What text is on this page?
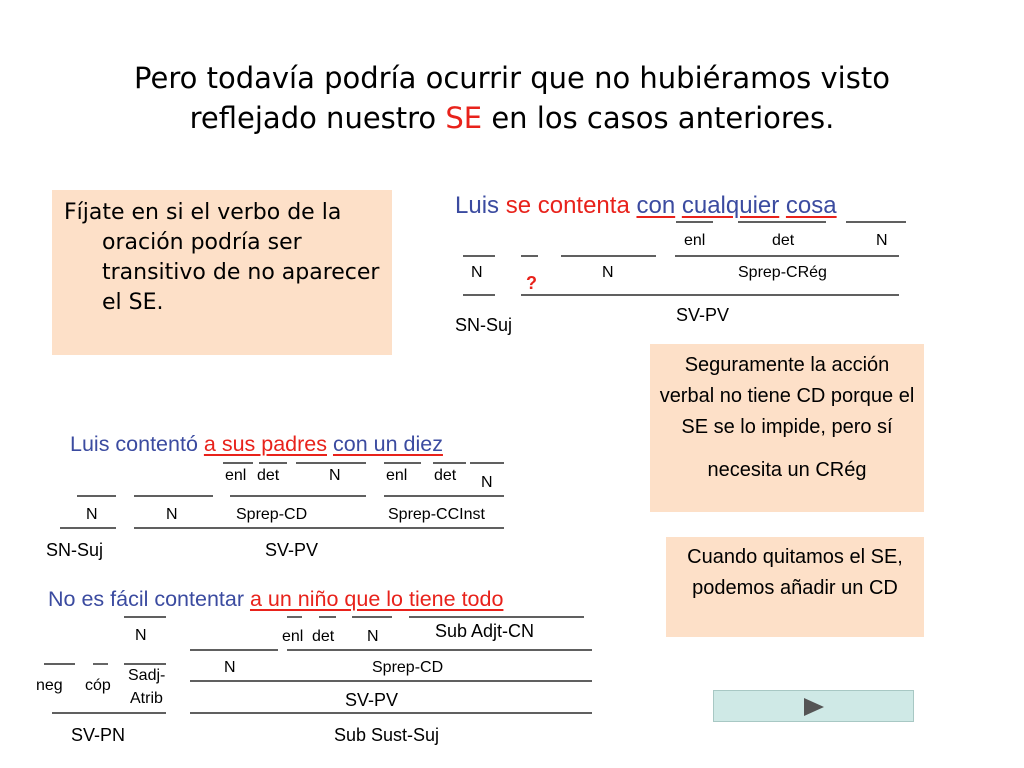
Pero todavía podría ocurrir que no hubiéramos visto
reflejado nuestro SE en los casos anteriores.
Fíjate en si el verbo de la oración podría ser transitivo de no aparecer el SE.
Seguramente la acción verbal no tiene CD porque el SE se lo impide, pero sí
necesita un CRég
Cuando quitamos el SE, podemos añadir un CD
Luis se contenta con cualquier cosa
enl	det	N
N
?
N	Sprep-CRég
SV-PV
SN-Suj
Luis contentó a sus padres con un diez
enl det	N	enl det N
N	N	Sprep-CD	Sprep-CCInst
SN-Suj	SV-PV
No es fácil contentar a un niño que lo tiene todo
N	enl det N	Sub Adjt-CN
neg cóp
Sadj-
Atrib
N	Sprep-CD
SV-PV
SV-PN	Sub Sust-Suj
